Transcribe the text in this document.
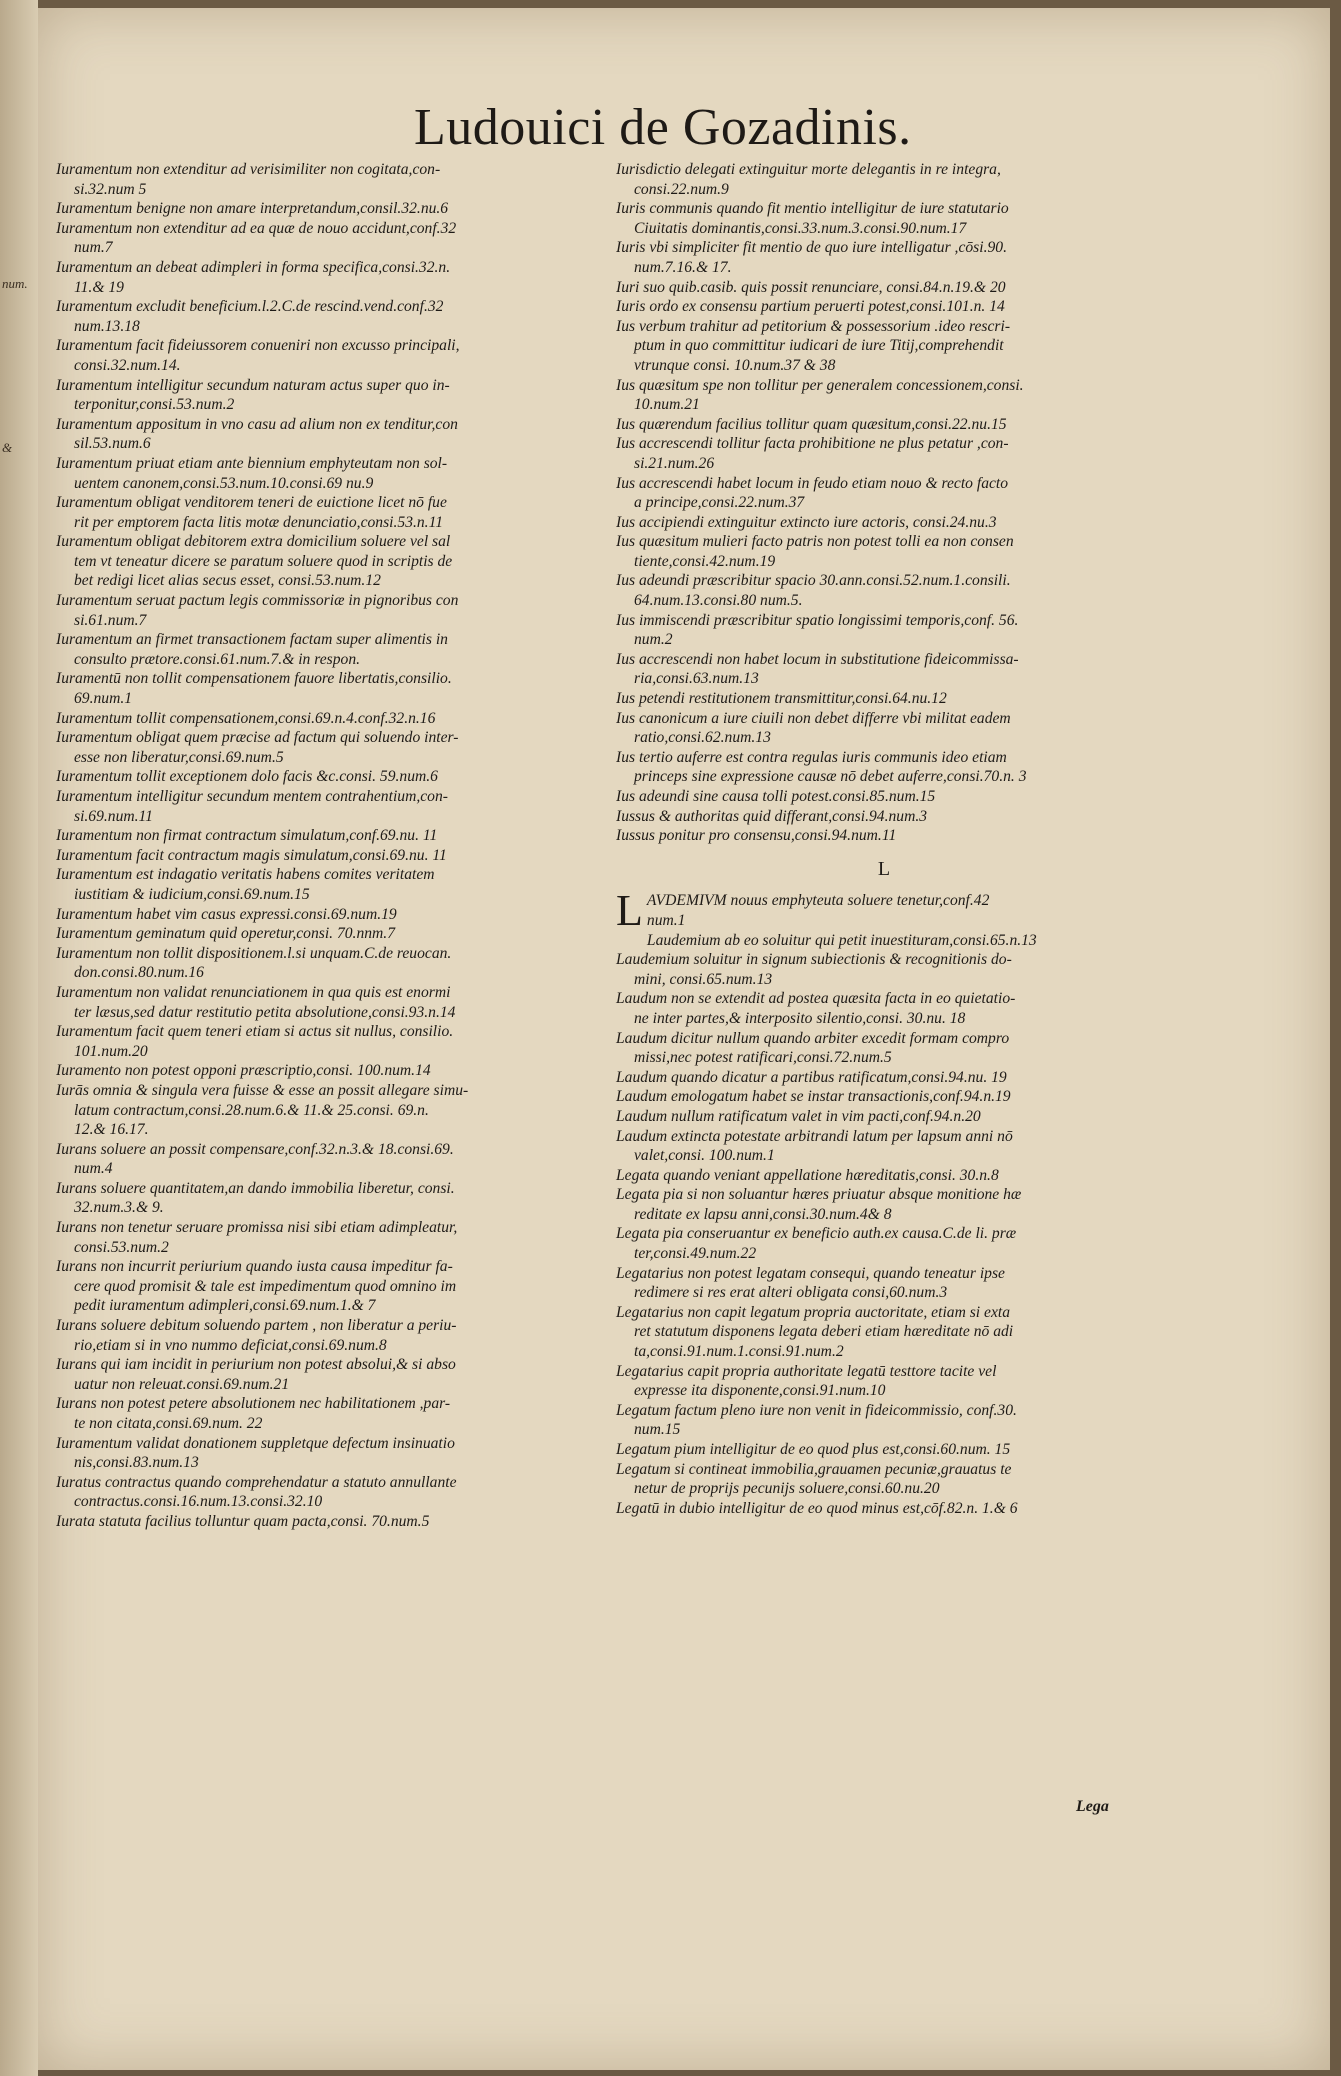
num.
&
Ludouici de Gozadinis.
Iuramentum non extenditur ad verisimiliter non cogitata,con-
si.32.num 5
Iuramentum benigne non amare interpretandum,consil.32.nu.6
Iuramentum non extenditur ad ea quæ de nouo accidunt,conf.32
num.7
Iuramentum an debeat adimpleri in forma specifica,consi.32.n.
11.& 19
Iuramentum excludit beneficium.l.2.C.de rescind.vend.conf.32
num.13.18
Iuramentum facit fideiussorem conueniri non excusso principali,
consi.32.num.14.
Iuramentum intelligitur secundum naturam actus super quo in-
terponitur,consi.53.num.2
Iuramentum appositum in vno casu ad alium non ex tenditur,con
sil.53.num.6
Iuramentum priuat etiam ante biennium emphyteutam non sol-
uentem canonem,consi.53.num.10.consi.69 nu.9
Iuramentum obligat venditorem teneri de euictione licet nō fue
rit per emptorem facta litis motæ denunciatio,consi.53.n.11
Iuramentum obligat debitorem extra domicilium soluere vel sal
tem vt teneatur dicere se paratum soluere quod in scriptis de
bet redigi licet alias secus esset, consi.53.num.12
Iuramentum seruat pactum legis commissoriæ in pignoribus con
si.61.num.7
Iuramentum an firmet transactionem factam super alimentis in
consulto prætore.consi.61.num.7.& in respon.
Iuramentū non tollit compensationem fauore libertatis,consilio.
69.num.1
Iuramentum tollit compensationem,consi.69.n.4.conf.32.n.16
Iuramentum obligat quem præcise ad factum qui soluendo inter-
esse non liberatur,consi.69.num.5
Iuramentum tollit exceptionem dolo facis &c.consi. 59.num.6
Iuramentum intelligitur secundum mentem contrahentium,con-
si.69.num.11
Iuramentum non firmat contractum simulatum,conf.69.nu. 11
Iuramentum facit contractum magis simulatum,consi.69.nu. 11
Iuramentum est indagatio veritatis habens comites veritatem
iustitiam & iudicium,consi.69.num.15
Iuramentum habet vim casus expressi.consi.69.num.19
Iuramentum geminatum quid operetur,consi. 70.nnm.7
Iuramentum non tollit dispositionem.l.si unquam.C.de reuocan.
don.consi.80.num.16
Iuramentum non validat renunciationem in qua quis est enormi
ter læsus,sed datur restitutio petita absolutione,consi.93.n.14
Iuramentum facit quem teneri etiam si actus sit nullus, consilio.
101.num.20
Iuramento non potest opponi præscriptio,consi. 100.num.14
Iurās omnia & singula vera fuisse & esse an possit allegare simu-
latum contractum,consi.28.num.6.& 11.& 25.consi. 69.n.
12.& 16.17.
Iurans soluere an possit compensare,conf.32.n.3.& 18.consi.69.
num.4
Iurans soluere quantitatem,an dando immobilia liberetur, consi.
32.num.3.& 9.
Iurans non tenetur seruare promissa nisi sibi etiam adimpleatur,
consi.53.num.2
Iurans non incurrit periurium quando iusta causa impeditur fa-
cere quod promisit & tale est impedimentum quod omnino im
pedit iuramentum adimpleri,consi.69.num.1.& 7
Iurans soluere debitum soluendo partem , non liberatur a periu-
rio,etiam si in vno nummo deficiat,consi.69.num.8
Iurans qui iam incidit in periurium non potest absolui,& si abso
uatur non releuat.consi.69.num.21
Iurans non potest petere absolutionem nec habilitationem ,par-
te non citata,consi.69.num. 22
Iuramentum validat donationem suppletque defectum insinuatio
nis,consi.83.num.13
Iuratus contractus quando comprehendatur a statuto annullante
contractus.consi.16.num.13.consi.32.10
Iurata statuta facilius tolluntur quam pacta,consi. 70.num.5
Iurisdictio delegati extinguitur morte delegantis in re integra,
consi.22.num.9
Iuris communis quando fit mentio intelligitur de iure statutario
Ciuitatis dominantis,consi.33.num.3.consi.90.num.17
Iuris vbi simpliciter fit mentio de quo iure intelligatur ,cōsi.90.
num.7.16.& 17.
Iuri suo quib.casib. quis possit renunciare, consi.84.n.19.& 20
Iuris ordo ex consensu partium peruerti potest,consi.101.n. 14
Ius verbum trahitur ad petitorium & possessorium .ideo rescri-
ptum in quo committitur iudicari de iure Titij,comprehendit
vtrunque consi. 10.num.37 & 38
Ius quæsitum spe non tollitur per generalem concessionem,consi.
10.num.21
Ius quærendum facilius tollitur quam quæsitum,consi.22.nu.15
Ius accrescendi tollitur facta prohibitione ne plus petatur ,con-
si.21.num.26
Ius accrescendi habet locum in feudo etiam nouo & recto facto
a principe,consi.22.num.37
Ius accipiendi extinguitur extincto iure actoris, consi.24.nu.3
Ius quæsitum mulieri facto patris non potest tolli ea non consen
tiente,consi.42.num.19
Ius adeundi præscribitur spacio 30.ann.consi.52.num.1.consili.
64.num.13.consi.80 num.5.
Ius immiscendi præscribitur spatio longissimi temporis,conf. 56.
num.2
Ius accrescendi non habet locum in substitutione fideicommissa-
ria,consi.63.num.13
Ius petendi restitutionem transmittitur,consi.64.nu.12
Ius canonicum a iure ciuili non debet differre vbi militat eadem
ratio,consi.62.num.13
Ius tertio auferre est contra regulas iuris communis ideo etiam
princeps sine expressione causæ nō debet auferre,consi.70.n. 3
Ius adeundi sine causa tolli potest.consi.85.num.15
Iussus & authoritas quid differant,consi.94.num.3
Iussus ponitur pro consensu,consi.94.num.11
L
L AVDEMIVM nouus emphyteuta soluere tenetur,conf.42
num.1
Laudemium ab eo soluitur qui petit inuestituram,consi.65.n.13
Laudemium soluitur in signum subiectionis & recognitionis do-
mini, consi.65.num.13
Laudum non se extendit ad postea quæsita facta in eo quietatio-
ne inter partes,& interposito silentio,consi. 30.nu. 18
Laudum dicitur nullum quando arbiter excedit formam compro
missi,nec potest ratificari,consi.72.num.5
Laudum quando dicatur a partibus ratificatum,consi.94.nu. 19
Laudum emologatum habet se instar transactionis,conf.94.n.19
Laudum nullum ratificatum valet in vim pacti,conf.94.n.20
Laudum extincta potestate arbitrandi latum per lapsum anni nō
valet,consi. 100.num.1
Legata quando veniant appellatione hæreditatis,consi. 30.n.8
Legata pia si non soluantur hæres priuatur absque monitione hæ
reditate ex lapsu anni,consi.30.num.4& 8
Legata pia conseruantur ex beneficio auth.ex causa.C.de li. præ
ter,consi.49.num.22
Legatarius non potest legatam consequi, quando teneatur ipse
redimere si res erat alteri obligata consi,60.num.3
Legatarius non capit legatum propria auctoritate, etiam si exta
ret statutum disponens legata deberi etiam hæreditate nō adi
ta,consi.91.num.1.consi.91.num.2
Legatarius capit propria authoritate legatū testtore tacite vel
expresse ita disponente,consi.91.num.10
Legatum factum pleno iure non venit in fideicommissio, conf.30.
num.15
Legatum pium intelligitur de eo quod plus est,consi.60.num. 15
Legatum si contineat immobilia,grauamen pecuniæ,grauatus te
netur de proprijs pecunijs soluere,consi.60.nu.20
Legatū in dubio intelligitur de eo quod minus est,cōf.82.n. 1.& 6
Lega
